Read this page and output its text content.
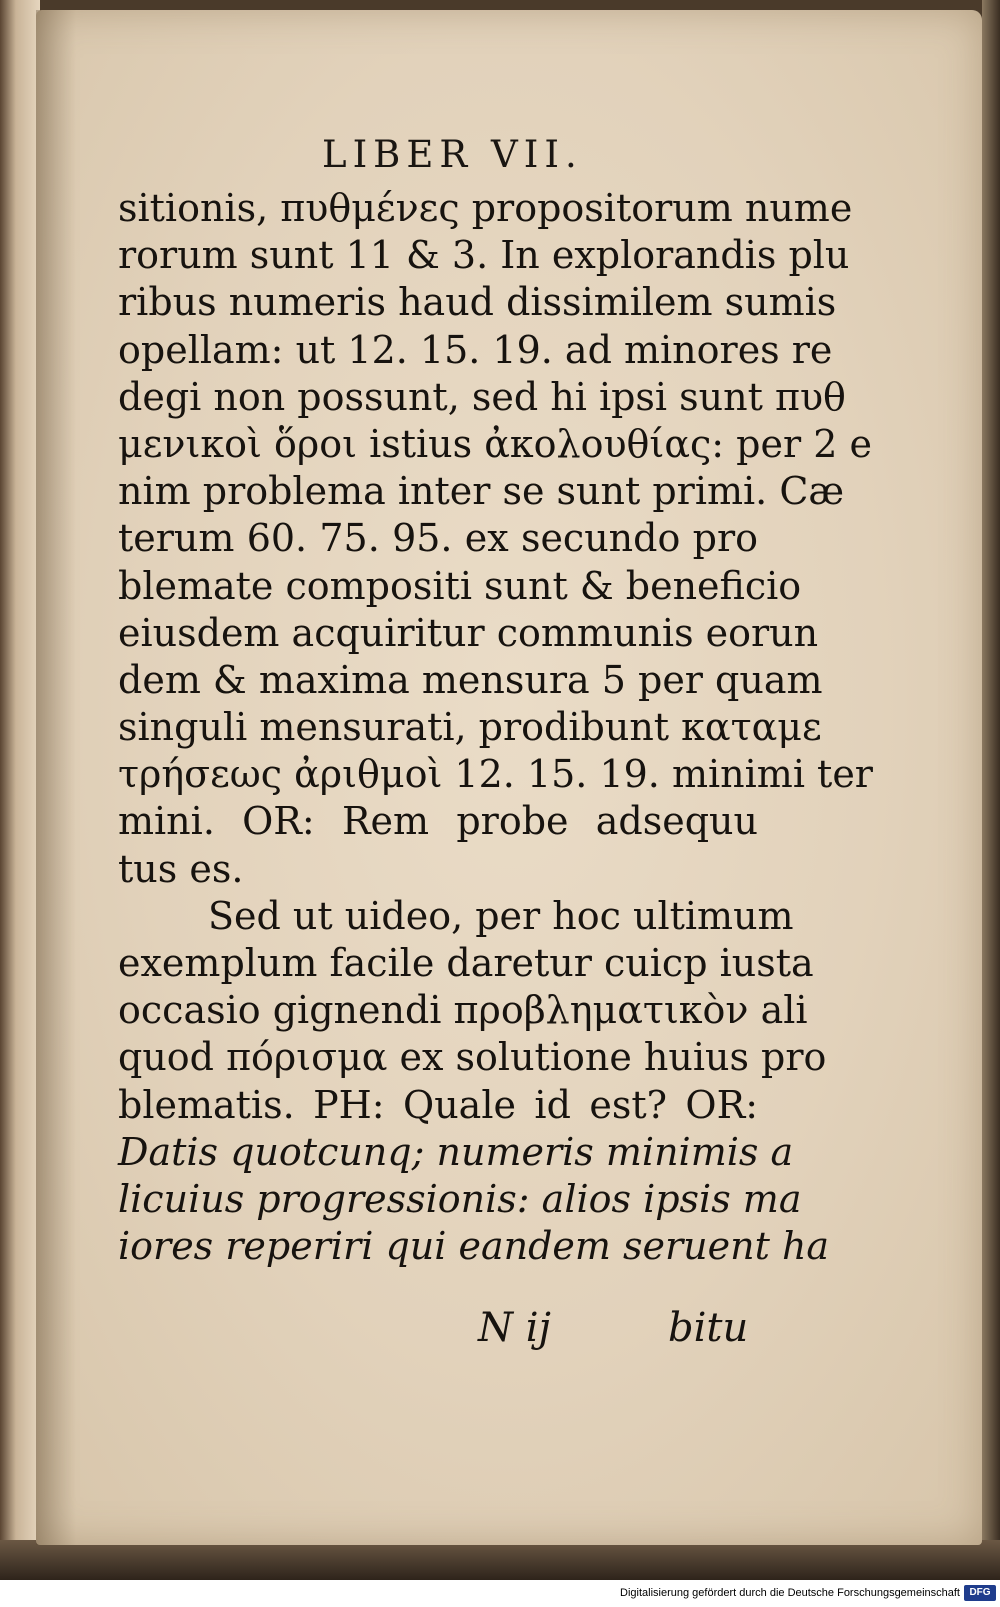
LIBER VII.
sitionis, πυθμένες propositorum nume
rorum sunt 11 & 3. In explorandis plu
ribus numeris haud dissimilem sumis
opellam: ut 12. 15. 19. ad minores re
degi non possunt, sed hi ipsi sunt πυθ
μενικοὶ ὅροι istius ἀκολουθίας: per 2 e
nim problema inter se sunt primi. Cæ
terum 60. 75. 95. ex secundo pro
blemate compositi sunt & beneficio
eiusdem acquiritur communis eorun
dem & maxima mensura 5 per quam
singuli mensurati, prodibunt καταμε
τρήσεως ἀριθμοὶ 12. 15. 19. minimi ter
mini. OR: Rem probe adsequu
tus es.
Sed ut uideo, per hoc ultimum
exemplum facile daretur cuicp iusta
occasio gignendi προβληματικὸν ali
quod πόρισμα ex solutione huius pro
blematis. PH: Quale id est? OR:
Datis quotcunq; numeris minimis a
licuius progressionis: alios ipsis ma
iores reperiri qui eandem seruent ha
N ij	bitu
Digitalisierung gefördert durch die Deutsche Forschungsgemeinschaft DFG
